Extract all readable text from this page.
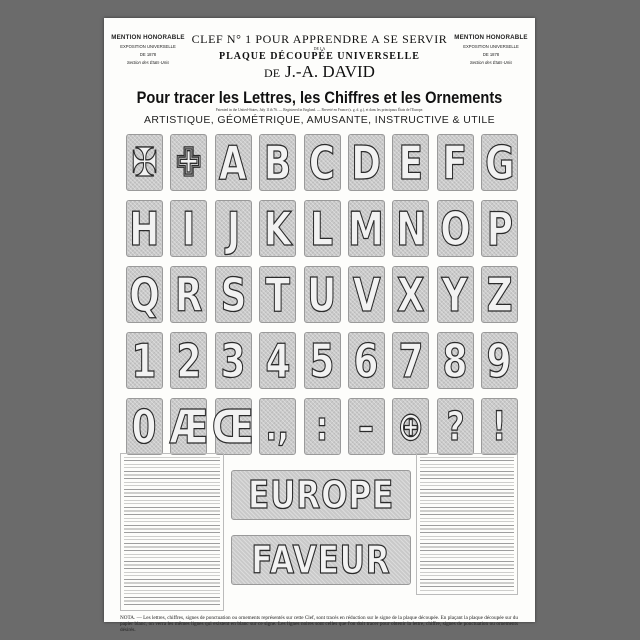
MENTION HONORABLE
EXPOSITION UNIVERSELLE
DE 1878
Section des États-Unis
MENTION HONORABLE
EXPOSITION UNIVERSELLE
DE 1878
Section des États-Unis
CLEF N° 1 POUR APPRENDRE A SE SERVIR
DE LA
PLAQUE DÉCOUPÉE UNIVERSELLE
DE J.-A. DAVID
Pour tracer les Lettres, les Chiffres et les Ornements
Patented in the United-States, July 11th 76. — Registered in England. — Breveté en France (s. g. d. g.), et dans les principaux États de l'Europe.
ARTISTIQUE, GÉOMÉTRIQUE, AMUSANTE, INSTRUCTIVE & UTILE
✠ ✙ A B C D E F G
H I J K L M N O P
Q R S T U V X Y Z
1 2 3 4 5 6 7 8 9
0 Æ Œ ., : – ⊕ ? !
EUROPE
FAVEUR
NOTA. — Les lettres, chiffres, signes de ponctuation ou ornements représentés sur cette Clef, sont tracés en réduction sur le signe de la plaque découpée. En plaçant la plaque découpée sur du papier blanc, on verra les mêmes lignes qui existent en blanc sur ce signe. Les lignes noires sont celles que l'on doit tracer pour obtenir la lettre, chiffre, signes de ponctuation ou ornements désirés.
